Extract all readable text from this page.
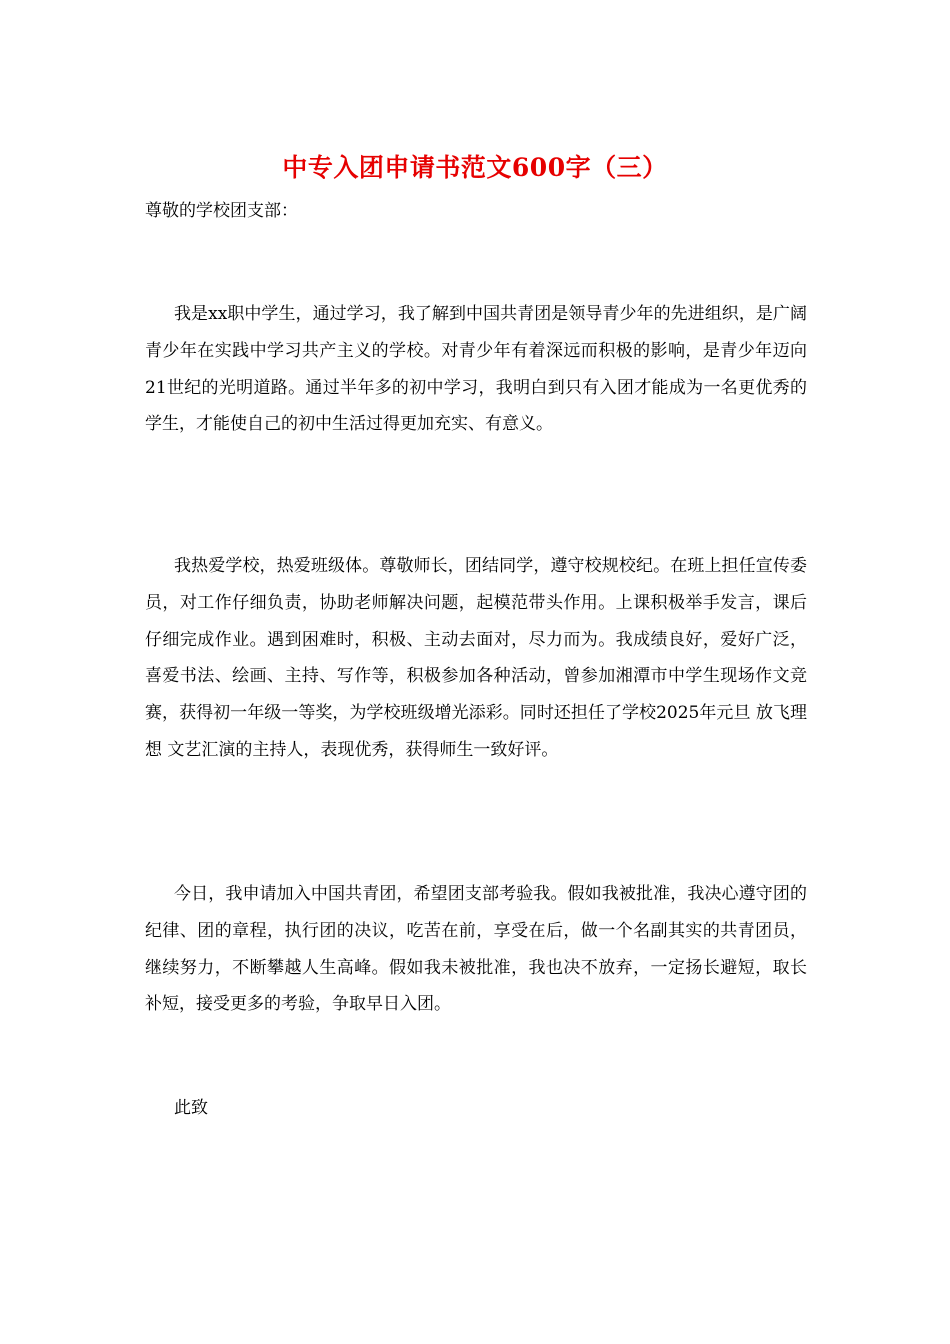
中专入团申请书范文600字（三）
尊敬的学校团支部：

我是xx职中学生，通过学习，我了解到中国共青团是领导青少年的先进组织，是广阔青少年在实践中学习共产主义的学校。对青少年有着深远而积极的影响，是青少年迈向21世纪的光明道路。通过半年多的初中学习，我明白到只有入团才能成为一名更优秀的学生，才能使自己的初中生活过得更加充实、有意义。

我热爱学校，热爱班级体。尊敬师长，团结同学，遵守校规校纪。在班上担任宣传委员，对工作仔细负责，协助老师解决问题，起模范带头作用。上课积极举手发言，课后仔细完成作业。遇到困难时，积极、主动去面对，尽力而为。我成绩良好，爱好广泛，喜爱书法、绘画、主持、写作等，积极参加各种活动，曾参加湘潭市中学生现场作文竞赛，获得初一年级一等奖，为学校班级增光添彩。同时还担任了学校2025年元旦 放飞理想 文艺汇演的主持人，表现优秀，获得师生一致好评。

今日，我申请加入中国共青团，希望团支部考验我。假如我被批准，我决心遵守团的纪律、团的章程，执行团的决议，吃苦在前，享受在后，做一个名副其实的共青团员，继续努力，不断攀越人生高峰。假如我未被批准，我也决不放弃，一定扬长避短，取长补短，接受更多的考验，争取早日入团。

此致
